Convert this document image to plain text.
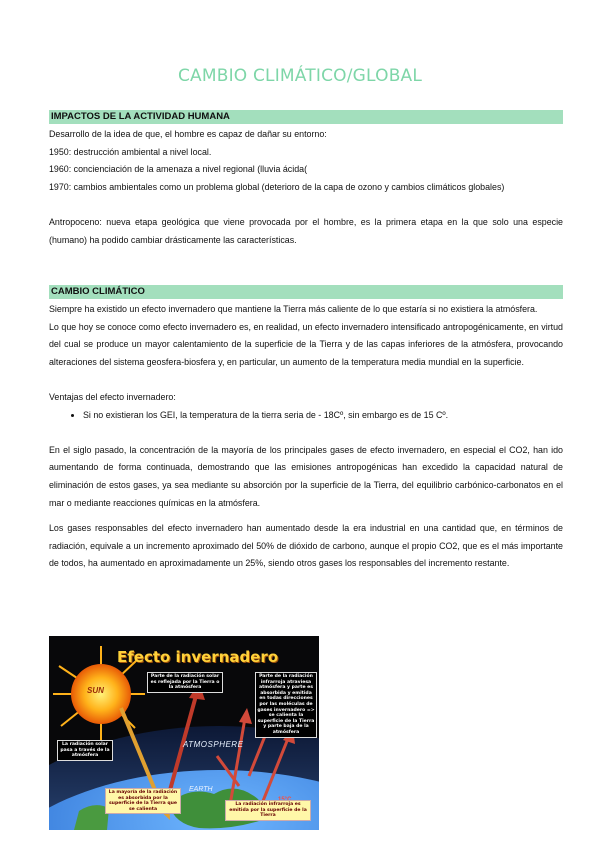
CAMBIO CLIMÁTICO/GLOBAL
IMPACTOS DE LA ACTIVIDAD HUMANA

Desarrollo de la idea de que, el hombre es capaz de dañar su entorno:

1950: destrucción ambiental a nivel local.

1960: concienciación de la amenaza a nivel regional (lluvia ácida(

1970: cambios ambientales como un problema global (deterioro de la capa de ozono y cambios climáticos globales)

Antropoceno: nueva etapa geológica que viene provocada por el hombre, es la primera etapa en la que solo una especie (humano) ha podido cambiar drásticamente las características.

CAMBIO CLIMÁTICO

Siempre ha existido un efecto invernadero que mantiene la Tierra más caliente de lo que estaría si no existiera la atmósfera.

Lo que hoy se conoce como efecto invernadero es, en realidad, un efecto invernadero intensificado antropogénicamente, en virtud del cual se produce un mayor calentamiento de la superficie de la Tierra y de las capas inferiores de la atmósfera, provocando alteraciones del sistema geosfera-biosfera y, en particular, un aumento de la temperatura media mundial en la superficie.

Ventajas del efecto invernadero:

• Si no existieran los GEI, la temperatura de la tierra seria de - 18Cº, sin embargo es de 15 Cº.

En el siglo pasado, la concentración de la mayoría de los principales gases de efecto invernadero, en especial el CO2, han ido aumentando de forma continuada, demostrando que las emisiones antropogénicas han excedido la capacidad natural de eliminación de estos gases, ya sea mediante su absorción por la superficie de la Tierra, del equilibrio carbónico-carbonatos en el mar o mediante reacciones químicas en la atmósfera.

Los gases responsables del efecto invernadero han aumentado desde la era industrial en una cantidad que, en términos de radiación, equivale a un incremento aproximado del 50% de dióxido de carbono, aunque el propio CO2, que es el más importante de todos, ha aumentado en aproximadamente un 25%, siendo otros gases los responsables del incremento restante.

Efecto invernadero
SUN
Parte de la radiación solar es reflejada por la Tierra o la atmósfera
Parte de la radiación infrarroja atraviesa atmósfera y parte es absorbida y emitida en todas direcciones por las moléculas de gases invernadero => se calienta la superficie de la Tierra y parte baja de la atmósfera
La radiación solar pasa a través de la atmósfera
ATMOSPHERE
EARTH
La mayoría de la radiación es absorbida por la superficie de la Tierra que se calienta
La radiación infrarroja es emitida por la superficie de la Tierra
